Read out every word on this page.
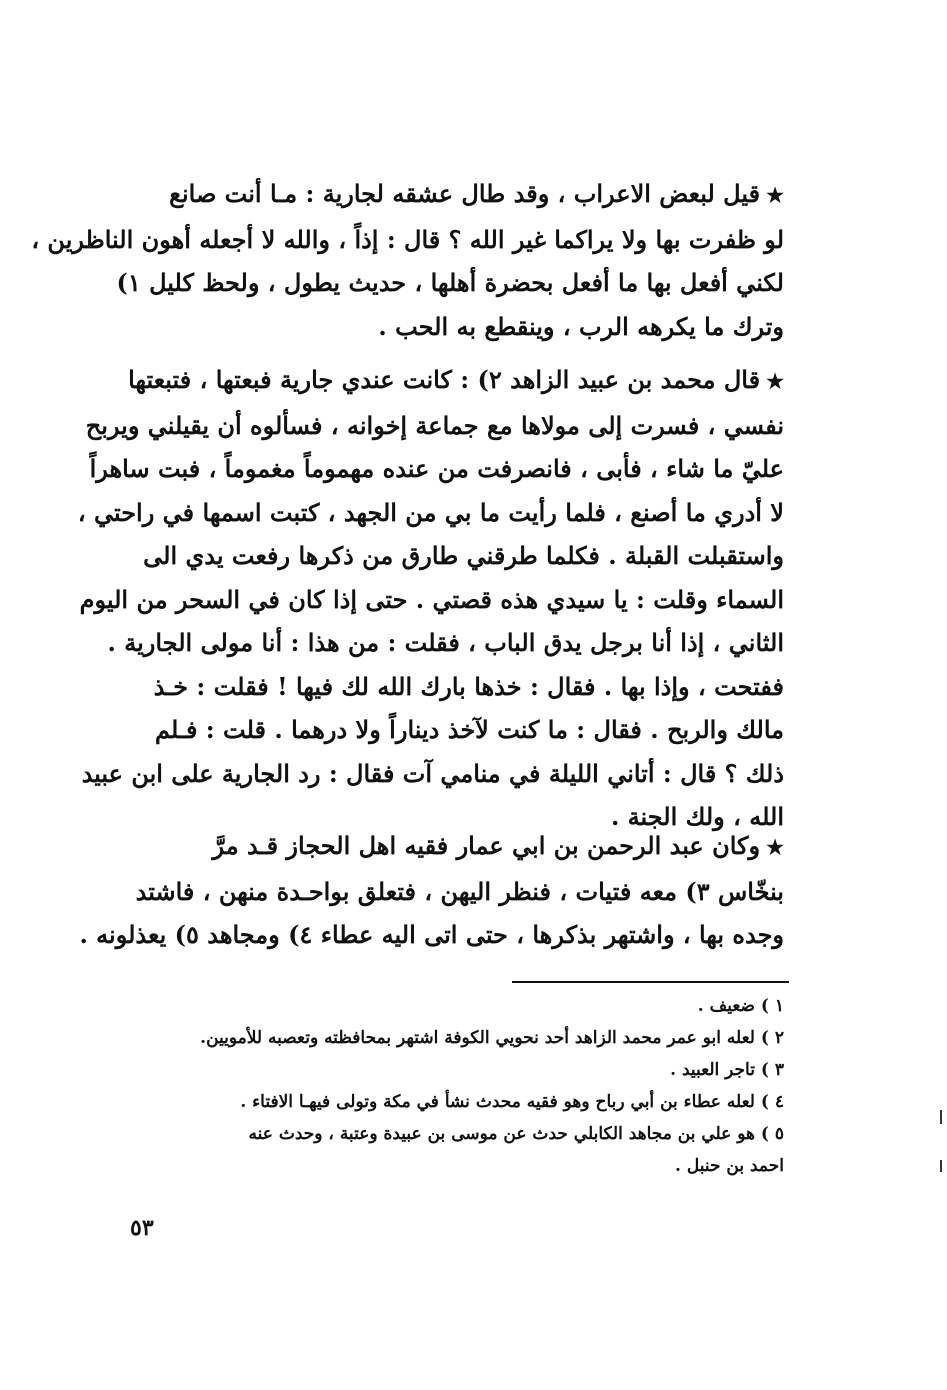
★قيل لبعض الاعراب ، وقد طال عشقه لجارية : مـا أنت صانع
لو ظفرت بها ولا يراكما غير الله ؟ قال : إذاً ، والله لا أجعله أهون الناظرين ،
لكني أفعل بها ما أفعل بحضرة أهلها ، حديث يطول ، ولحظ كليل ١)
وترك ما يكرهه الرب ، وينقطع به الحب .
★قال محمد بن عبيد الزاهد ٢) : كانت عندي جارية فبعتها ، فتبعتها
نفسي ، فسرت إلى مولاها مع جماعة إخوانه ، فسألوه أن يقيلني ويربح
عليّ ما شاء ، فأبى ، فانصرفت من عنده مهموماً مغموماً ، فبت ساهراً
لا أدري ما أصنع ، فلما رأيت ما بي من الجهد ، كتبت اسمها في راحتي ،
واستقبلت القبلة . فكلما طرقني طارق من ذكرها رفعت يدي الى
السماء وقلت : يا سيدي هذه قصتي . حتى إذا كان في السحر من اليوم
الثاني ، إذا أنا برجل يدق الباب ، فقلت : من هذا : أنا مولى الجارية .
ففتحت ، وإذا بها . فقال : خذها بارك الله لك فيها ! فقلت : خـذ
مالك والربح . فقال : ما كنت لآخذ ديناراً ولا درهما . قلت : فـلم
ذلك ؟ قال : أتاني الليلة في منامي آت فقال : رد الجارية على ابن عبيد
الله ، ولك الجنة .
★وكان عبد الرحمن بن ابي عمار فقيه اهل الحجاز قـد مرَّ
بنخّاس ٣) معه فتيات ، فنظر اليهن ، فتعلق بواحـدة منهن ، فاشتد
وجده بها ، واشتهر بذكرها ، حتى اتى اليه عطاء ٤) ومجاهد ٥) يعذلونه .
١ ) ضعيف .
٢ ) لعله ابو عمر محمد الزاهد أحد نحويي الكوفة اشتهر بمحافظته وتعصبه للأمويين.
٣ ) تاجر العبيد .
٤ ) لعله عطاء بن أبي رباح وهو فقيه محدث نشأ في مكة وتولى فيهـا الافتاء .
٥ ) هو علي بن مجاهد الكابلي حدث عن موسى بن عبيدة وعتبة ، وحدث عنه
احمد بن حنبل .
٥٣
